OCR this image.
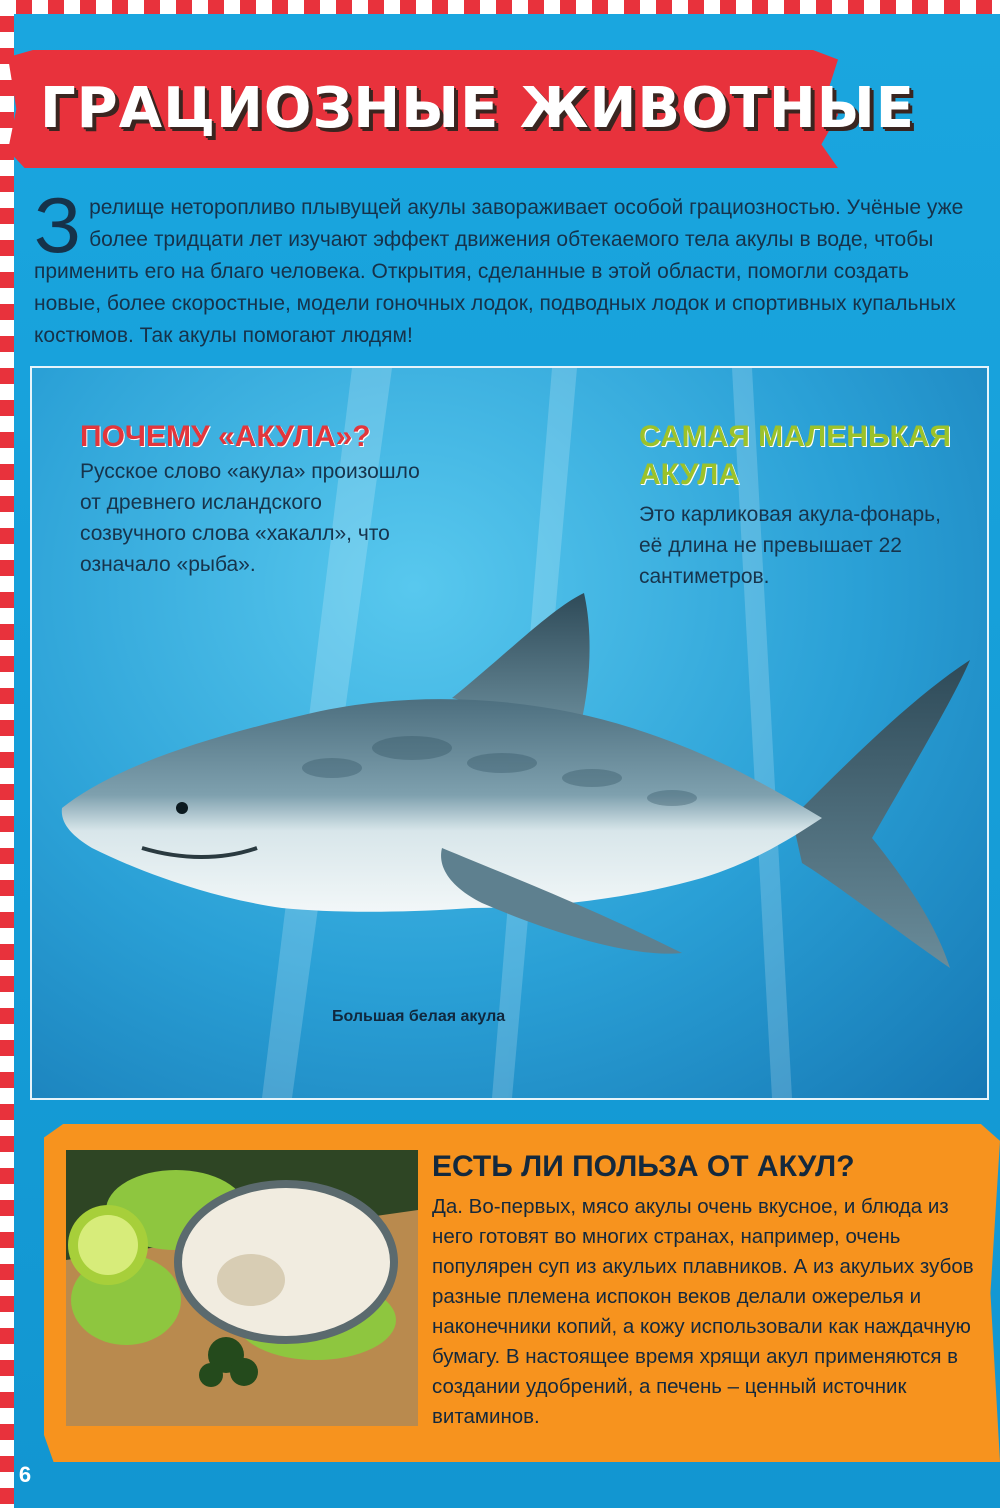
ГРАЦИОЗНЫЕ ЖИВОТНЫЕ

Зрелище неторопливо плывущей акулы завораживает особой грациозностью. Учёные уже более тридцати лет изучают эффект движения обтекаемого тела акулы в воде, чтобы применить его на благо человека. Открытия, сделанные в этой области, помогли создать новые, более скоростные, модели гоночных лодок, подводных лодок и спортивных купальных костюмов. Так акулы помогают людям!

ПОЧЕМУ «АКУЛА»?

Русское слово «акула» произошло от древнего исландского созвучного слова «хакалл», что означало «рыба».

САМАЯ МАЛЕНЬКАЯ АКУЛА

Это карликовая акула-фонарь, её длина не превышает 22 сантиметров.

Большая белая акула
ЕСТЬ ЛИ ПОЛЬЗА ОТ АКУЛ?

Да. Во-первых, мясо акулы очень вкусное, и блюда из него готовят во многих странах, например, очень популярен суп из акульих плавников. А из акульих зубов разные племена испокон веков делали ожерелья и наконечники копий, а кожу использовали как наждачную бумагу. В настоящее время хрящи акул применяются в создании удобрений, а печень – ценный источник витаминов.

6
